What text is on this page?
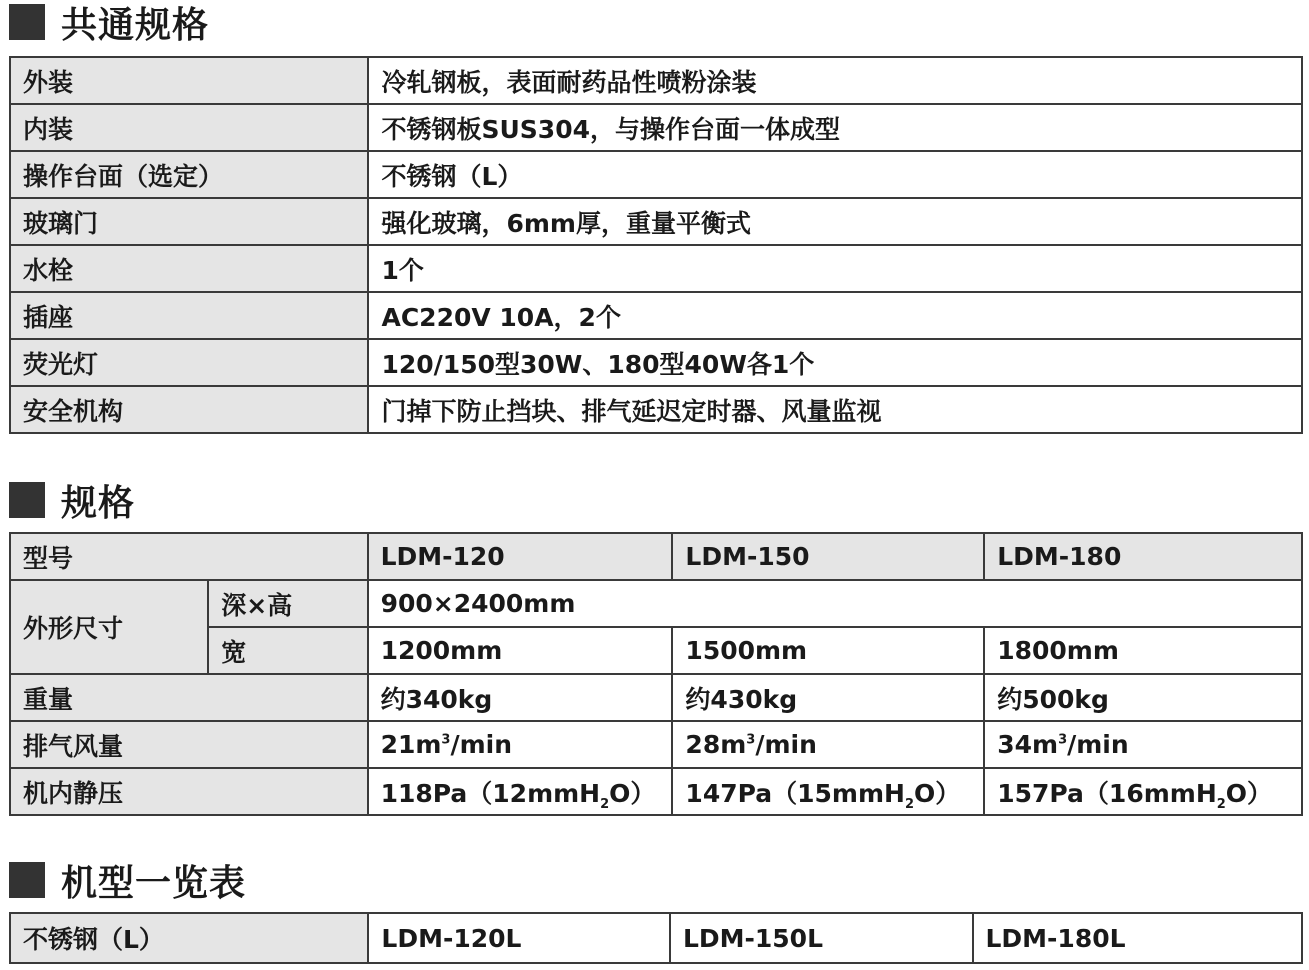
共通规格
外装	冷轧钢板，表面耐药品性喷粉涂装
内装	不锈钢板SUS304，与操作台面一体成型
操作台面（选定）	不锈钢（L）
玻璃门	强化玻璃，6mm厚，重量平衡式
水栓	1个
插座	AC220V 10A，2个
荧光灯	120/150型30W、180型40W各1个
安全机构	门掉下防止挡块、排气延迟定时器、风量监视
规格
型号		LDM-120	LDM-150	LDM-180
外形尺寸	深×高	900×2400mm		
	宽	1200mm	1500mm	1800mm
重量		约340kg	约430kg	约500kg
排气风量		$21m^3/\min$	$28m^3/\min$	$34m^3/\min$
机内静压		118Pa（12mmH$_2$O）	147Pa（15mmH$_2$O）	157Pa（16mmH$_2$O）
机型一览表
不锈钢（L）	LDM-120L	LDM-150L	LDM-180L
